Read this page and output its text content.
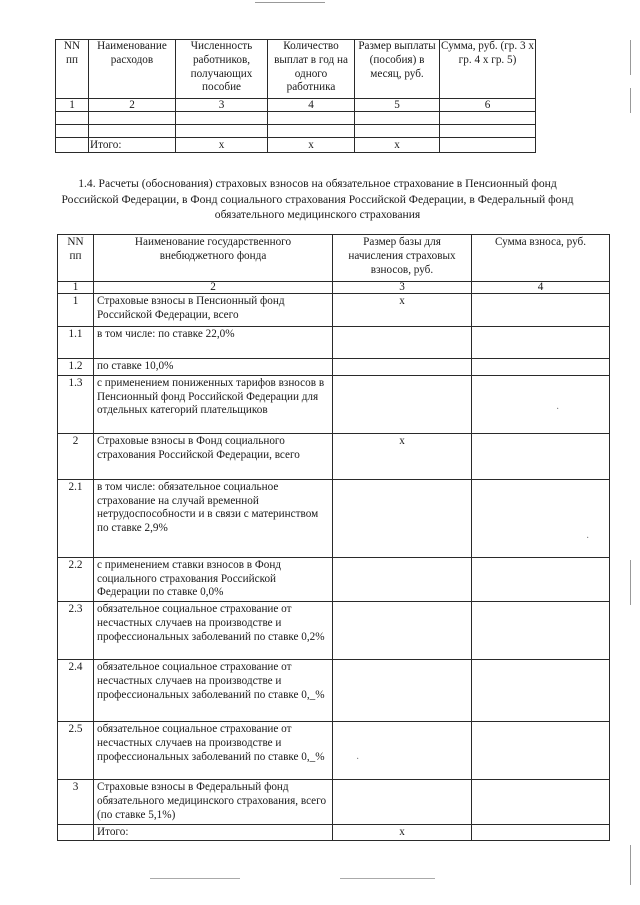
·
·
·
NN пп	Наименование расходов	Численность работников, получающих пособие	Количество выплат в год на одного работника	Размер выплаты (пособия) в месяц, руб.	Сумма, руб. (гр. 3 x гр. 4 x гр. 5)
1	2	3	4	5	6

	Итого:	x	x	x	
1.4. Расчеты (обоснования) страховых взносов на обязательное страхование в Пенсионный фонд Российской Федерации, в Фонд социального страхования Российской Федерации, в Федеральный фонд обязательного медицинского страхования
NN пп	Наименование государственного внебюджетного фонда	Размер базы для начисления страховых взносов, руб.	Сумма взноса, руб.
1	2	3	4
1	Страховые взносы в Пенсионный фонд Российской Федерации, всего	x	
1.1	в том числе: по ставке 22,0%		
1.2	по ставке 10,0%		
1.3	с применением пониженных тарифов взносов в Пенсионный фонд Российской Федерации для отдельных категорий плательщиков		
2	Страховые взносы в Фонд социального страхования Российской Федерации, всего	x	
2.1	в том числе: обязательное социальное страхование на случай временной нетрудоспособности и в связи с материнством по ставке 2,9%		
2.2	с применением ставки взносов в Фонд социального страхования Российской Федерации по ставке 0,0%		
2.3	обязательное социальное страхование от несчастных случаев на производстве и профессиональных заболеваний по ставке 0,2%		
2.4	обязательное социальное страхование от несчастных случаев на производстве и профессиональных заболеваний по ставке 0,_%		
2.5	обязательное социальное страхование от несчастных случаев на производстве и профессиональных заболеваний по ставке 0,_%		
3	Страховые взносы в Федеральный фонд обязательного медицинского страхования, всего (по ставке 5,1%)		
	Итого:	x	
